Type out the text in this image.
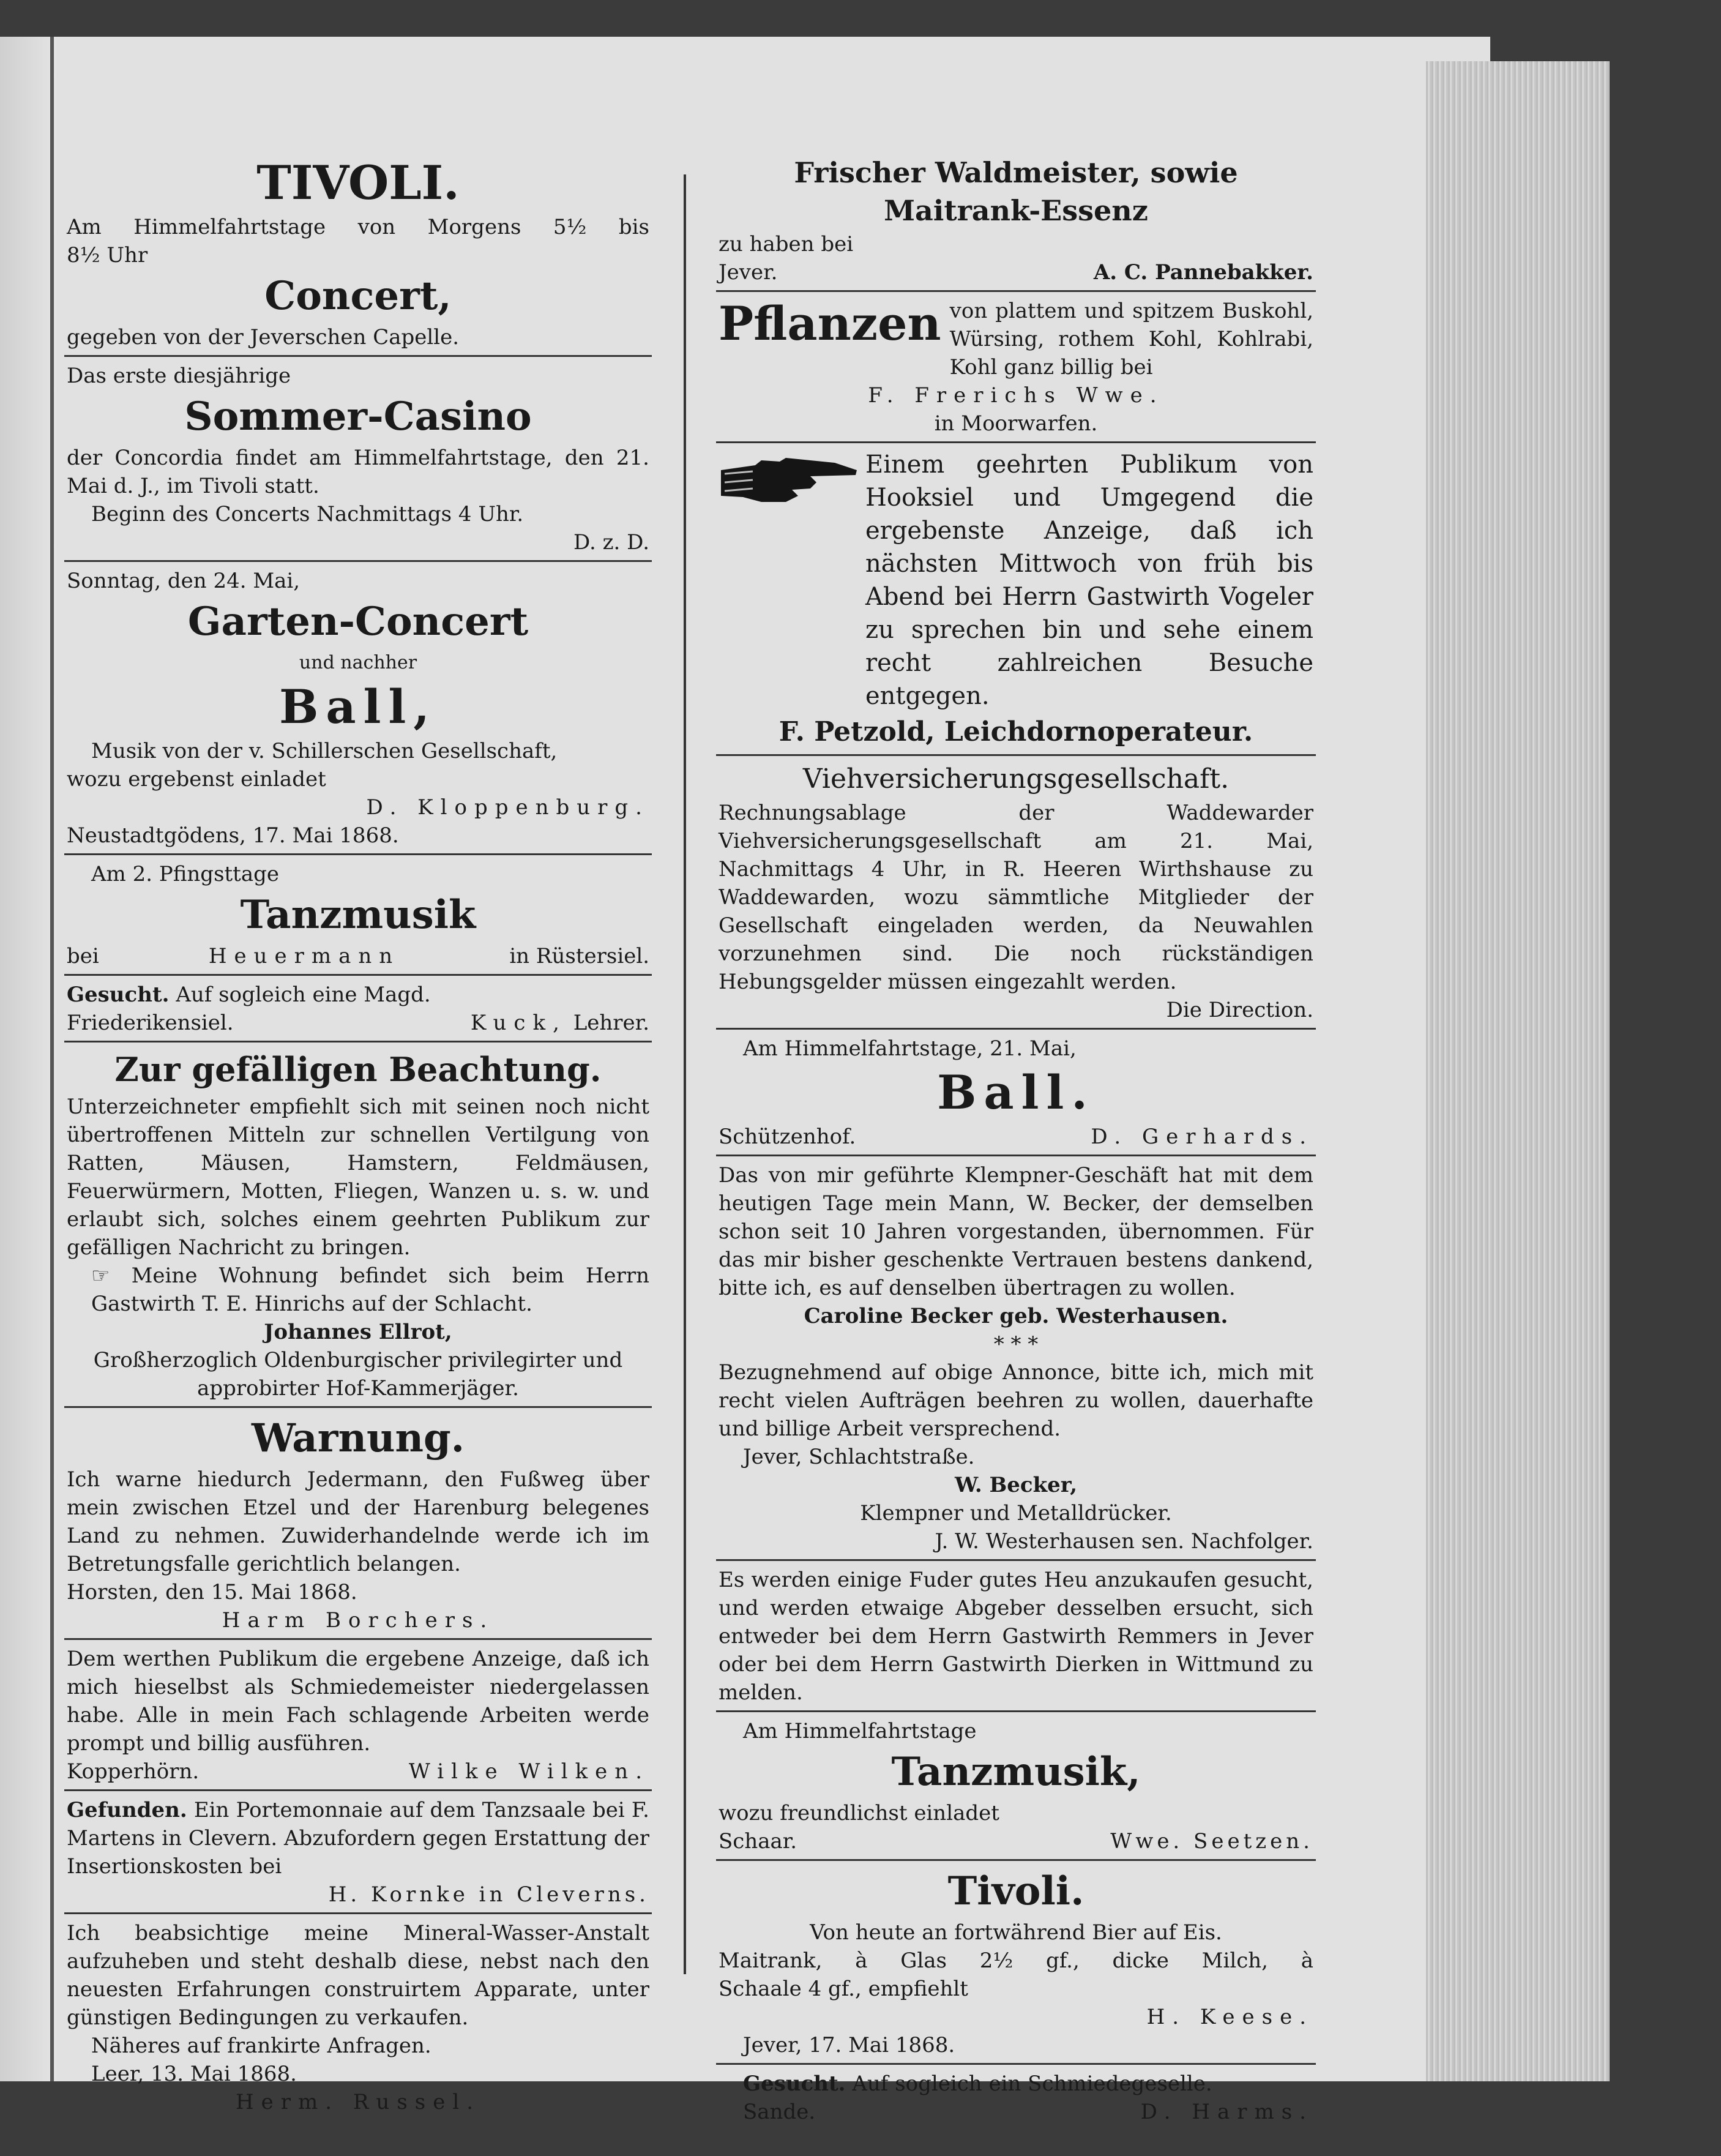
TIVOLI.

Am Himmelfahrtstage von Morgens 5½ bis

8½ Uhr

Concert,

gegeben von der Jeverschen Capelle.

Das erste diesjährige

Sommer-Casino

der Concordia findet am Himmelfahrtstage, den 21.

Mai d. J., im Tivoli statt.

Beginn des Concerts Nachmittags 4 Uhr.

D. z. D.

Sonntag, den 24. Mai,

Garten-Concert

und nachher

Ball,

Musik von der v. Schillerschen Gesellschaft,

wozu ergebenst einladet

D. Kloppenburg.

Neustadtgödens, 17. Mai 1868.

Am 2. Pfingsttage

Tanzmusik

bei	Heuermann	in Rüstersiel.

Gesucht. Auf sogleich eine Magd.

Friederikensiel.	Kuck, Lehrer.

Zur gefälligen Beachtung.

Unterzeichneter empfiehlt sich mit seinen noch nicht übertroffenen Mitteln zur schnellen Vertilgung von Ratten, Mäusen, Hamstern, Feldmäusen, Feuerwürmern, Motten, Fliegen, Wanzen u. s. w. und erlaubt sich, solches einem geehrten Publikum zur gefälligen Nachricht zu bringen.

☞ Meine Wohnung befindet sich beim Herrn Gastwirth T. E. Hinrichs auf der Schlacht.

Johannes Ellrot,

Großherzoglich Oldenburgischer privilegirter und

approbirter Hof-Kammerjäger.

Warnung.

Ich warne hiedurch Jedermann, den Fußweg über mein zwischen Etzel und der Harenburg belegenes Land zu nehmen. Zuwiderhandelnde werde ich im Betretungsfalle gerichtlich belangen.

Horsten, den 15. Mai 1868.

Harm Borchers.

Dem werthen Publikum die ergebene Anzeige, daß ich mich hieselbst als Schmiedemeister niedergelassen habe. Alle in mein Fach schlagende Arbeiten werde prompt und billig ausführen.

Kopperhörn.	Wilke Wilken.

Gefunden. Ein Portemonnaie auf dem Tanzsaale bei F. Martens in Clevern. Abzufordern gegen Erstattung der Insertionskosten bei

H. Kornke in Cleverns.

Ich beabsichtige meine Mineral-Wasser-Anstalt aufzuheben und steht deshalb diese, nebst nach den neuesten Erfahrungen construirtem Apparate, unter günstigen Bedingungen zu verkaufen.

Näheres auf frankirte Anfragen.

Leer, 13. Mai 1868.

Herm. Russel.

Frischer Waldmeister, sowie

Maitrank-Essenz

zu haben bei

Jever.	A. C. Pannebakker.
Pflanzen von plattem und spitzem Buskohl, Würsing, rothem Kohl, Kohlrabi, Kohl ganz billig bei

F. Frerichs Wwe.

in Moorwarfen.

Einem geehrten Publikum von Hooksiel und Umgegend die ergebenste Anzeige, daß ich nächsten Mittwoch von früh bis Abend bei Herrn Gastwirth Vogeler zu sprechen bin und sehe einem recht zahlreichen Besuche entgegen.

F. Petzold, Leichdornoperateur.

Viehversicherungsgesellschaft.

Rechnungsablage der Waddewarder Viehversicherungsgesellschaft am 21. Mai, Nachmittags 4 Uhr, in R. Heeren Wirthshause zu Waddewarden, wozu sämmtliche Mitglieder der Gesellschaft eingeladen werden, da Neuwahlen vorzunehmen sind. Die noch rückständigen Hebungsgelder müssen eingezahlt werden.

Die Direction.

Am Himmelfahrtstage, 21. Mai,

Ball.

Schützenhof.	D. Gerhards.

Das von mir geführte Klempner-Geschäft hat mit dem heutigen Tage mein Mann, W. Becker, der demselben schon seit 10 Jahren vorgestanden, übernommen. Für das mir bisher geschenkte Vertrauen bestens dankend, bitte ich, es auf denselben übertragen zu wollen.

Caroline Becker geb. Westerhausen.

* * *

Bezugnehmend auf obige Annonce, bitte ich, mich mit recht vielen Aufträgen beehren zu wollen, dauerhafte und billige Arbeit versprechend.

Jever, Schlachtstraße.

W. Becker,

Klempner und Metalldrücker.

J. W. Westerhausen sen. Nachfolger.

Es werden einige Fuder gutes Heu anzukaufen gesucht, und werden etwaige Abgeber desselben ersucht, sich entweder bei dem Herrn Gastwirth Remmers in Jever oder bei dem Herrn Gastwirth Dierken in Wittmund zu melden.

Am Himmelfahrtstage

Tanzmusik,

wozu freundlichst einladet

Schaar.	Wwe. Seetzen.

Tivoli.

Von heute an fortwährend Bier auf Eis.

Maitrank, à Glas 2½ gf., dicke Milch, à

Schaale 4 gf., empfiehlt

H. Keese.

Jever, 17. Mai 1868.

Gesucht. Auf sogleich ein Schmiedegeselle.

Sande.	D. Harms.
